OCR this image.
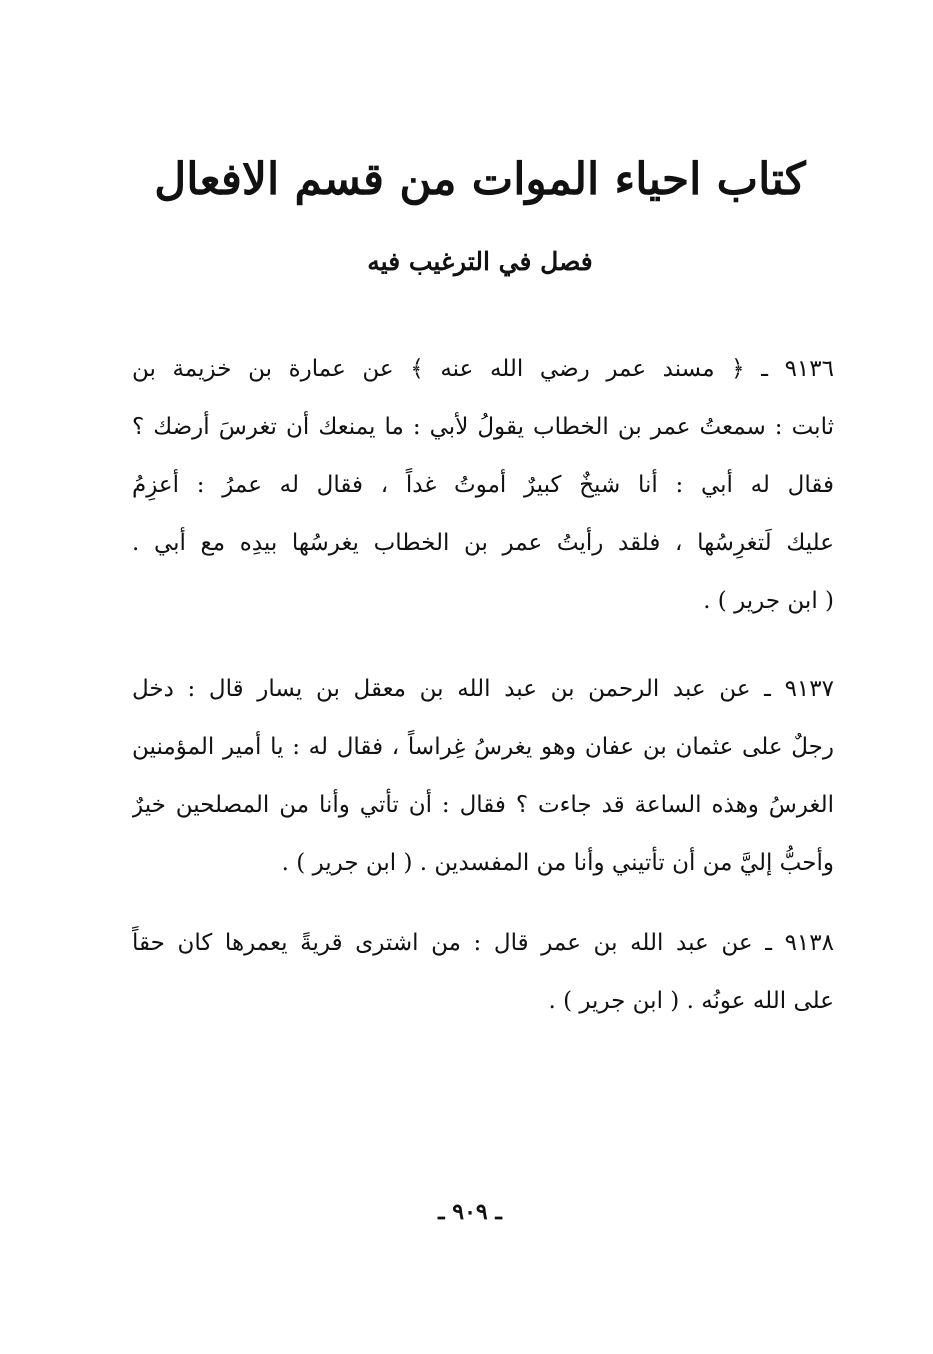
كتاب احياء الموات من قسم الافعال
فصل في الترغيب فيه
٩١٣٦ ـ ﴿ مسند عمر رضي الله عنه ﴾ عن عمارة بن خزيمة بن
ثابت : سمعتُ عمر بن الخطاب يقولُ لأبي : ما يمنعك أن تغرسَ أرضك ؟
فقال له أبي : أنا شيخٌ كبيرٌ أموتُ غداً ، فقال له عمرُ : أعزِمُ
عليك لَتغرِسُها ، فلقد رأيتُ عمر بن الخطاب يغرسُها بيدِه مع أبي .
( ابن جرير ) .
٩١٣٧ ـ عن عبد الرحمن بن عبد الله بن معقل بن يسار قال : دخل
رجلٌ على عثمان بن عفان وهو يغرسُ غِراساً ، فقال له : يا أمير المؤمنين
الغرسُ وهذه الساعة قد جاءت ؟ فقال : أن تأتي وأنا من المصلحين خيرٌ
وأحبُّ إليَّ من أن تأتيني وأنا من المفسدين . ( ابن جرير ) .
٩١٣٨ ـ عن عبد الله بن عمر قال : من اشترى قريةً يعمرها كان حقاً
على الله عونُه . ( ابن جرير ) .
ـ ٩٠٩ ـ
